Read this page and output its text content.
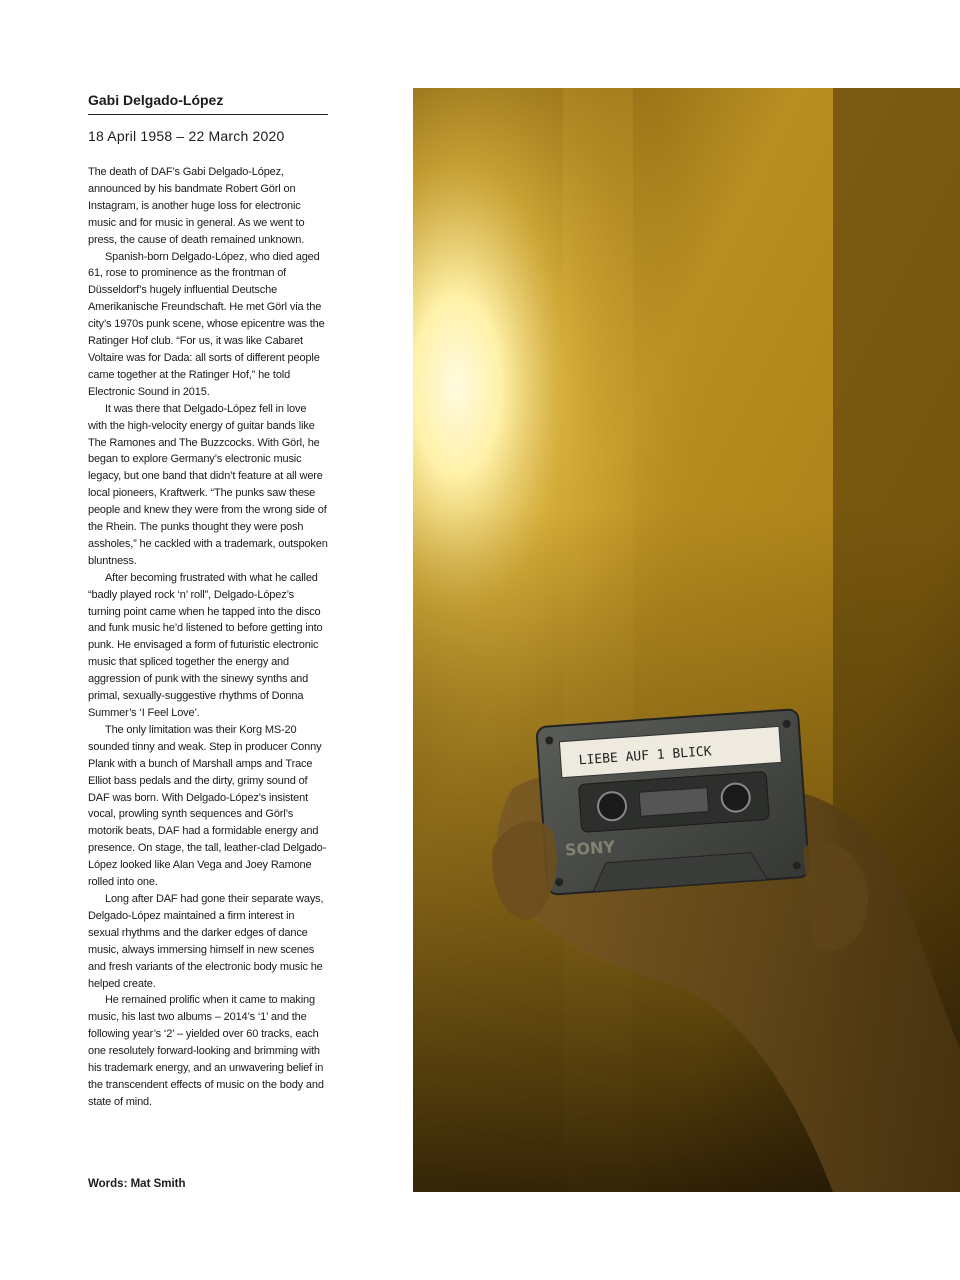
Gabi Delgado-López
18 April 1958 – 22 March 2020

The death of DAF’s Gabi Delgado-López, announced by his bandmate Robert Görl on Instagram, is another huge loss for electronic music and for music in general. As we went to press, the cause of death remained unknown.

Spanish-born Delgado-López, who died aged 61, rose to prominence as the frontman of Düsseldorf’s hugely influential Deutsche Amerikanische Freundschaft. He met Görl via the city’s 1970s punk scene, whose epicentre was the Ratinger Hof club. “For us, it was like Cabaret Voltaire was for Dada: all sorts of different people came together at the Ratinger Hof,” he told Electronic Sound in 2015.

It was there that Delgado-López fell in love with the high-velocity energy of guitar bands like The Ramones and The Buzzcocks. With Görl, he began to explore Germany’s electronic music legacy, but one band that didn’t feature at all were local pioneers, Kraftwerk. “The punks saw these people and knew they were from the wrong side of the Rhein. The punks thought they were posh assholes,” he cackled with a trademark, outspoken bluntness.

After becoming frustrated with what he called “badly played rock ‘n’ roll”, Delgado-López’s turning point came when he tapped into the disco and funk music he’d listened to before getting into punk. He envisaged a form of futuristic electronic music that spliced together the energy and aggression of punk with the sinewy synths and primal, sexually-suggestive rhythms of Donna Summer’s ‘I Feel Love’.

The only limitation was their Korg MS-20 sounded tinny and weak. Step in producer Conny Plank with a bunch of Marshall amps and Trace Elliot bass pedals and the dirty, grimy sound of DAF was born. With Delgado-López’s insistent vocal, prowling synth sequences and Görl’s motorik beats, DAF had a formidable energy and presence. On stage, the tall, leather-clad Delgado-López looked like Alan Vega and Joey Ramone rolled into one.

Long after DAF had gone their separate ways, Delgado-López maintained a firm interest in sexual rhythms and the darker edges of dance music, always immersing himself in new scenes and fresh variants of the electronic body music he helped create.

He remained prolific when it came to making music, his last two albums – 2014’s ‘1’ and the following year’s ‘2’ – yielded over 60 tracks, each one resolutely forward-looking and brimming with his trademark energy, and an unwavering belief in the transcendent effects of music on the body and state of mind.

Words: Mat Smith
LIEBE AUF 1 BLICK
SONY
